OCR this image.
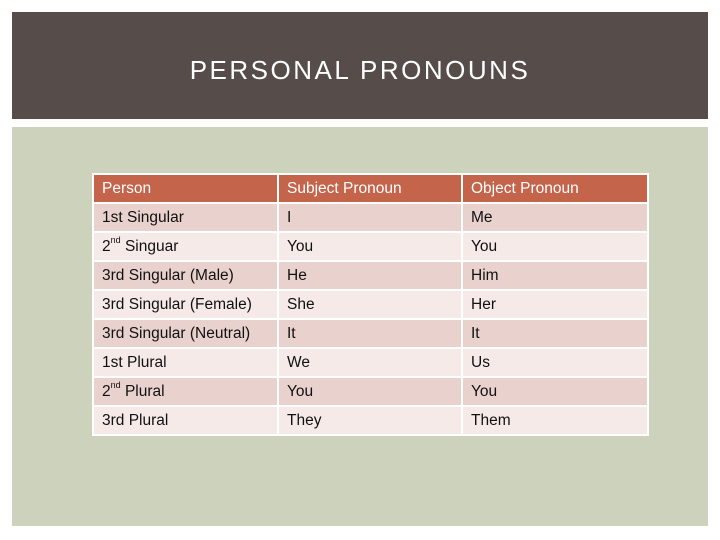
PERSONAL PRONOUNS
Person	Subject Pronoun	Object Pronoun
1st Singular	I	Me
2nd Singuar	You	You
3rd Singular (Male)	He	Him
3rd Singular (Female)	She	Her
3rd Singular (Neutral)	It	It
1st Plural	We	Us
2nd Plural	You	You
3rd Plural	They	Them
